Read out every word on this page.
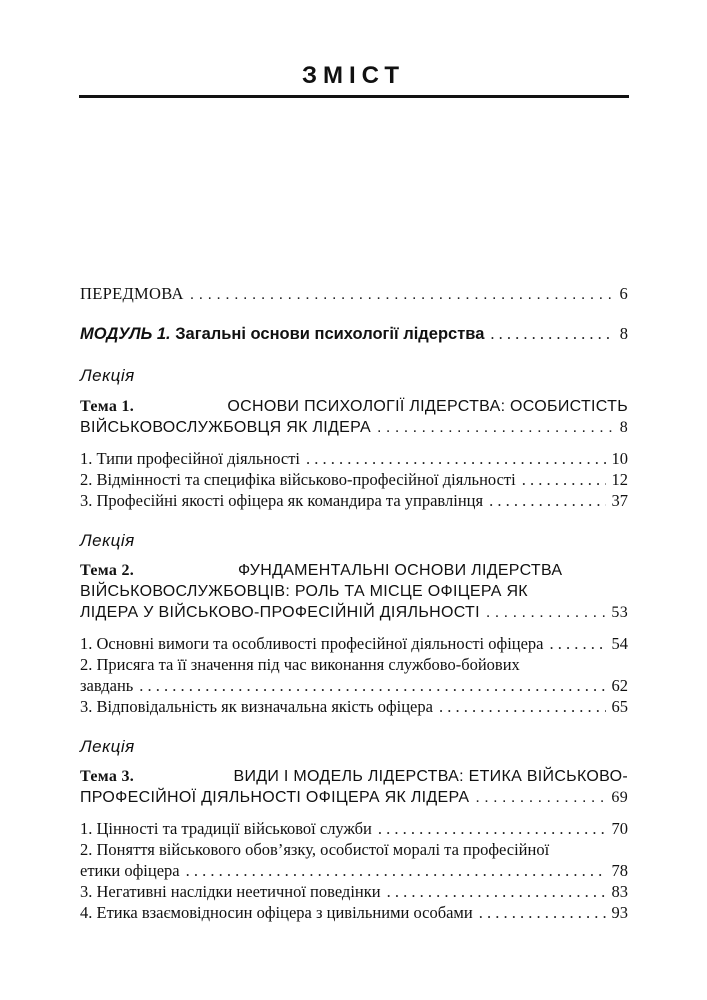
ЗМІСТ
ПЕРЕДМОВА . . .	6
МОДУЛЬ 1. Загальні основи психології лідерства . . .	8
Лекція
Тема 1.	ОСНОВИ ПСИХОЛОГІЇ ЛІДЕРСТВА: ОСОБИСТІСТЬ
ВІЙСЬКОВОСЛУЖБОВЦЯ ЯК ЛІДЕРА . . .	8
1. Типи професійної діяльності . . .	10
2. Відмінності та специфіка військово-професійної діяльності . . .	12
3. Професійні якості офіцера як командира та управлінця . . .	37
Лекція
Тема 2.	ФУНДАМЕНТАЛЬНІ ОСНОВИ ЛІДЕРСТВА
ВІЙСЬКОВОСЛУЖБОВЦІВ: РОЛЬ ТА МІСЦЕ ОФІЦЕРА ЯК
ЛІДЕРА У ВІЙСЬКОВО-ПРОФЕСІЙНІЙ ДІЯЛЬНОСТІ . . .	53
1. Основні вимоги та особливості професійної діяльності офіцера . . .	54
2. Присяга та її значення під час виконання службово-бойових
завдань . . .	62
3. Відповідальність як визначальна якість офіцера . . .	65
Лекція
Тема 3.	ВИДИ І МОДЕЛЬ ЛІДЕРСТВА: ЕТИКА ВІЙСЬКОВО-
ПРОФЕСІЙНОЇ ДІЯЛЬНОСТІ ОФІЦЕРА ЯК ЛІДЕРА . . .	69
1. Цінності та традиції військової служби . . .	70
2. Поняття військового обов’язку, особистої моралі та професійної
етики офіцера . . .	78
3. Негативні наслідки неетичної поведінки . . .	83
4. Етика взаємовідносин офіцера з цивільними особами . . .	93
